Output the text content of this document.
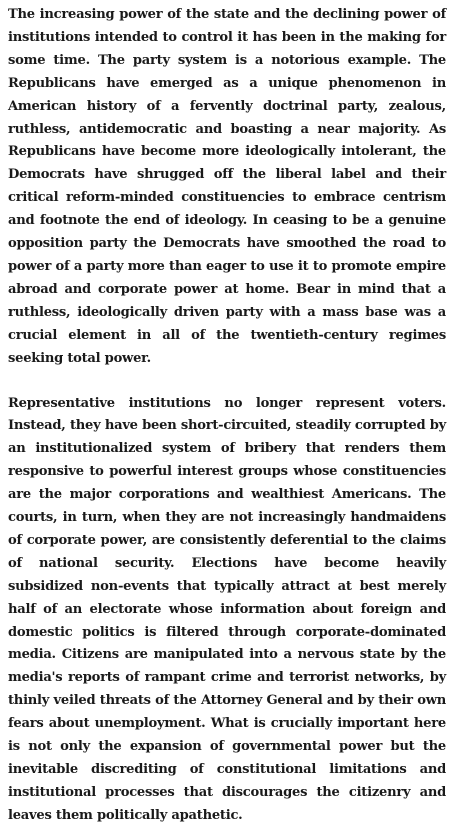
The increasing power of the state and the declining power of institutions intended to control it has been in the making for some time. The party system is a notorious example. The Republicans have emerged as a unique phenomenon in American history of a fervently doctrinal party, zealous, ruthless, antidemocratic and boasting a near majority. As Republicans have become more ideologically intolerant, the Democrats have shrugged off the liberal label and their critical reform-minded constituencies to embrace centrism and footnote the end of ideology. In ceasing to be a genuine opposition party the Democrats have smoothed the road to power of a party more than eager to use it to promote empire abroad and corporate power at home. Bear in mind that a ruthless, ideologically driven party with a mass base was a crucial element in all of the twentieth-century regimes seeking total power.

Representative institutions no longer represent voters. Instead, they have been short-circuited, steadily corrupted by an institutionalized system of bribery that renders them responsive to powerful interest groups whose constituencies are the major corporations and wealthiest Americans. The courts, in turn, when they are not increasingly handmaidens of corporate power, are consistently deferential to the claims of national security. Elections have become heavily subsidized non-events that typically attract at best merely half of an electorate whose information about foreign and domestic politics is filtered through corporate-dominated media. Citizens are manipulated into a nervous state by the media's reports of rampant crime and terrorist networks, by thinly veiled threats of the Attorney General and by their own fears about unemployment. What is crucially important here is not only the expansion of governmental power but the inevitable discrediting of constitutional limitations and institutional processes that discourages the citizenry and leaves them politically apathetic.
